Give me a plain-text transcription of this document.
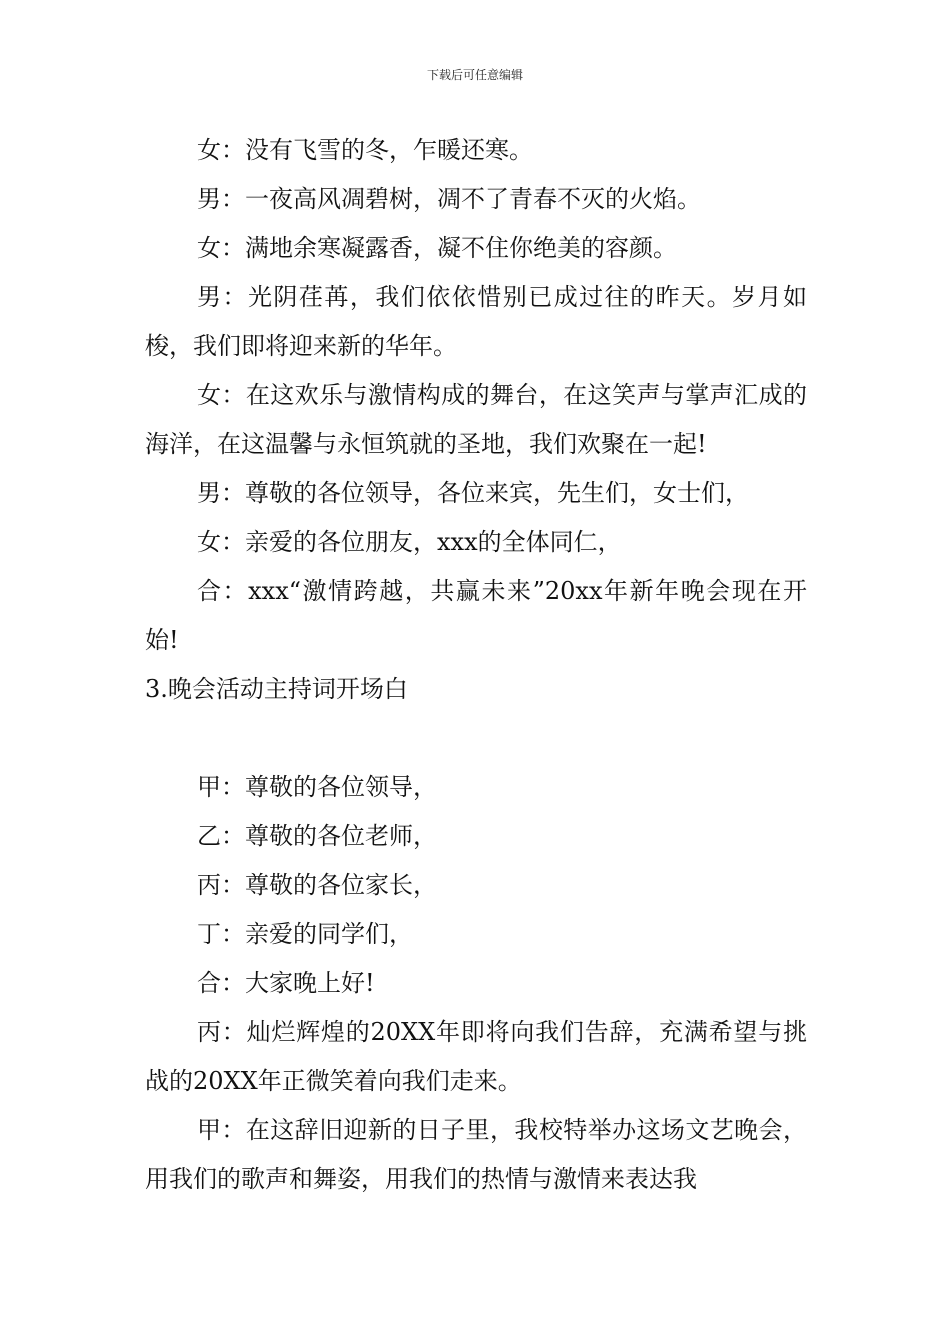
下载后可任意编辑

女：没有飞雪的冬，乍暖还寒。

男：一夜高风凋碧树，凋不了青春不灭的火焰。

女：满地余寒凝露香，凝不住你绝美的容颜。

男：光阴荏苒，我们依依惜别已成过往的昨天。岁月如梭，我们即将迎来新的华年。

女：在这欢乐与激情构成的舞台，在这笑声与掌声汇成的海洋，在这温馨与永恒筑就的圣地，我们欢聚在一起!

男：尊敬的各位领导，各位来宾，先生们，女士们，

女：亲爱的各位朋友，xxx的全体同仁，

合：xxx“激情跨越，共赢未来”20xx年新年晚会现在开始!

3.晚会活动主持词开场白

甲：尊敬的各位领导，

乙：尊敬的各位老师，

丙：尊敬的各位家长，

丁：亲爱的同学们，

合：大家晚上好!

丙：灿烂辉煌的20XX年即将向我们告辞，充满希望与挑战的20XX年正微笑着向我们走来。

甲：在这辞旧迎新的日子里，我校特举办这场文艺晚会，用我们的歌声和舞姿，用我们的热情与激情来表达我
